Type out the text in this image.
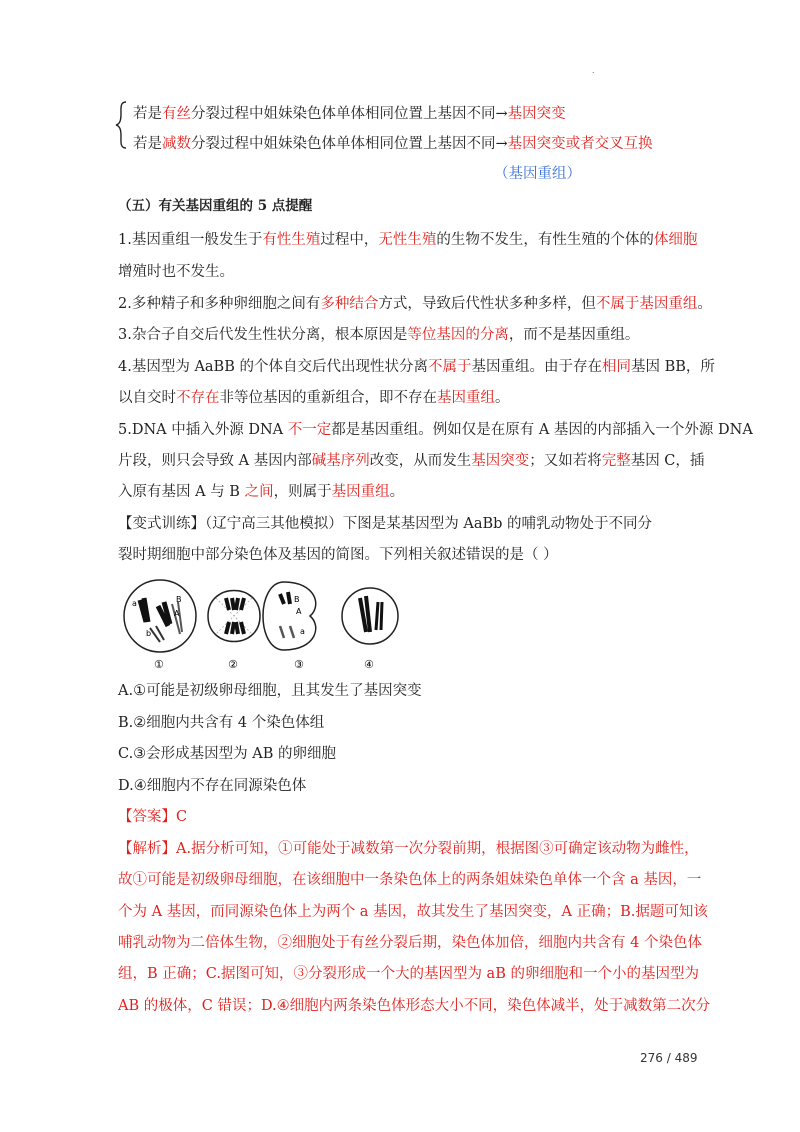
.
若是有丝分裂过程中姐妹染色体单体相同位置上基因不同→基因突变
若是减数分裂过程中姐妹染色体单体相同位置上基因不同→基因突变或者交叉互换
（基因重组）
（五）有关基因重组的 5 点提醒
1.基因重组一般发生于有性生殖过程中，无性生殖的生物不发生，有性生殖的个体的体细胞
增殖时也不发生。
2.多种精子和多种卵细胞之间有多种结合方式，导致后代性状多种多样，但不属于基因重组。
3.杂合子自交后代发生性状分离，根本原因是等位基因的分离，而不是基因重组。
4.基因型为 AaBB 的个体自交后代出现性状分离不属于基因重组。由于存在相同基因 BB，所
以自交时不存在非等位基因的重新组合，即不存在基因重组。
5.DNA 中插入外源 DNA 不一定都是基因重组。例如仅是在原有 A 基因的内部插入一个外源 DNA
片段，则只会导致 A 基因内部碱基序列改变，从而发生基因突变；又如若将完整基因 C，插
入原有基因 A 与 B 之间，则属于基因重组。
【变式训练】（辽宁高三其他模拟）下图是某基因型为 AaBb 的哺乳动物处于不同分
裂时期细胞中部分染色体及基因的简图。下列相关叙述错误的是（ ）
a	B
A
b
B
A
a
①	②	③	④
A.①可能是初级卵母细胞，且其发生了基因突变
B.②细胞内共含有 4 个染色体组
C.③会形成基因型为 AB 的卵细胞
D.④细胞内不存在同源染色体
【答案】C
【解析】A.据分析可知，①可能处于减数第一次分裂前期，根据图③可确定该动物为雌性，
故①可能是初级卵母细胞，在该细胞中一条染色体上的两条姐妹染色单体一个含 a 基因，一
个为 A 基因，而同源染色体上为两个 a 基因，故其发生了基因突变，A 正确；B.据题可知该
哺乳动物为二倍体生物，②细胞处于有丝分裂后期，染色体加倍，细胞内共含有 4 个染色体
组，B 正确；C.据图可知，③分裂形成一个大的基因型为 aB 的卵细胞和一个小的基因型为
AB 的极体，C 错误；D.④细胞内两条染色体形态大小不同，染色体减半，处于减数第二次分
276 / 489
